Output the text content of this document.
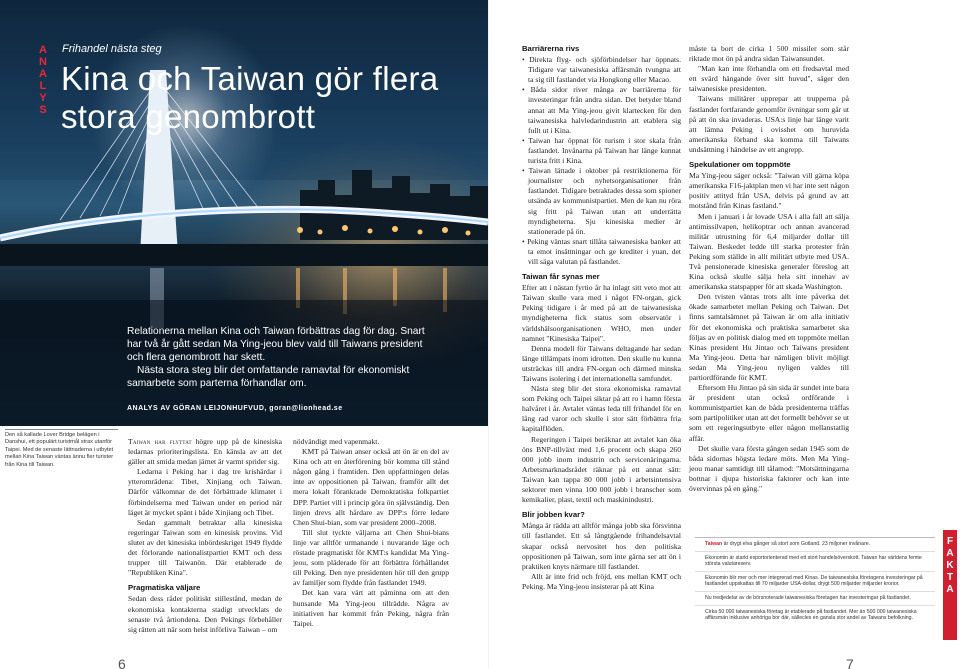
A
N
A
L
Y
S
Frihandel nästa steg
Kina och Taiwan gör flera stora genombrott
Relationerna mellan Kina och Taiwan förbättras dag för dag. Snart har två år gått sedan Ma Ying-jeou blev vald till Taiwans president och flera genombrott har skett.
Nästa stora steg blir det omfattande ramavtal för ekonomiskt samarbete som parterna förhandlar om.
ANALYS AV GÖRAN LEIJONHUFVUD, goran@lionhead.se
Den så kallade Lover Bridge belägen i Danshui, ett populärt turistmål strax utanför Taipei. Med de senaste lättnaderna i utbytet mellan Kina Taiwan väntas ännu fler turister från Kina till Taiwan.

Taiwan har flyttat högre upp på de kinesiska ledarnas prioriteringslista. En känsla av att det gäller att smida medan järnet är varmt sprider sig.

Ledarna i Peking har i dag tre krishärdar i ytteromrädena: Tibet, Xinjiang och Taiwan. Därför välkomnar de det förbättrade klimatet i förbindelserna med Taiwan under en period när läget är mycket spänt i både Xinjiang och Tibet.

Sedan gammalt betraktar alla kinesiska regeringar Taiwan som en kinesisk provins. Vid slutet av det kinesiska inbördeskriget 1949 flydde det förlorande nationalistpartiet KMT och dess trupper till Taiwanön. Där etablerade de "Republiken Kina".

Pragmatiska väljare

Sedan dess råder politiskt stillestånd, medan de ekonomiska kontakterna stadigt utvecklats de senaste två årtiondena. Den Pekings förbehåller sig rätten att när som helst införliva Taiwan – om

nödvändigt med vapenmakt.

KMT på Taiwan anser också att ön är en del av Kina och att en återförening bör komma till stånd någon gång i framtiden. Den uppfattningen delas inte av oppositionen på Taiwan, framför allt det mera lokalt förankrade Demokratiska folkpartiet DPP. Partiet vill i princip göra ön självständig. Den linjen drevs allt hårdare av DPP:s förre ledare Chen Shui-bian, som var president 2000–2008.

Till slut tyckte väljarna att Chen Shui-bians linje var alltför urmanande i nuvarande läge och röstade pragmatiskt för KMT:s kandidat Ma Ying-jeou, som pläderade för att förbättra förhållandet till Peking. Den nye presidenten hör till den grupp av familjer som flydde från fastlandet 1949.

Det kan vara värt att påminna om att den hunsande Ma Ying-jeou tillrädde. Några av initiativen har kommit från Peking, några från Taipei.

6
Barriärerna rivs
• Direkta flyg- och sjöförbindelser har öppnats. Tidigare var taiwanesiska affärsmän tvungna att ta sig till fastlandet via Hongkong eller Macao.
• Båda sidor river många av barriärerna för investeringar från andra sidan. Det betyder bland annat att Ma Ying-jeou givit klartecken för den taiwanesiska halvledarindustrin att etablera sig fullt ut i Kina.
• Taiwan har öppnat för turism i stor skala från fastlandet. Invånarna på Taiwan har länge kunnat turista fritt i Kina.
• Taiwan lättade i oktober på restriktionerna för journalister och nyhetsorganisationer från fastlandet. Tidigare betraktades dessa som spioner utsända av kommunistpartiet. Men de kan nu röra sig fritt på Taiwan utan att underrätta myndigheterna. Sju kinesiska medier är stationerade på ön.
• Peking väntas snart tillåta taiwanesiska banker att ta emot insättningar och ge krediter i yuan, det vill säga valutan på fastlandet.
Taiwan får synas mer

Efter att i nästan fyrtio år ha inlagt sitt veto mot att Taiwan skulle vara med i något FN-organ, gick Peking tidigare i år med på att de taiwanesiska myndigheterna fick status som observatör i världshälsoorganisationen WHO, men under namnet "Kinesiska Taipei".

Denna modell för Taiwans deltagande har sedan länge tillämpats inom idrotten. Den skulle nu kunna utsträckas till andra FN-organ och därmed minska Taiwans isolering i det internationella samfundet.

Nästa steg blir det stora ekonomiska ramavtal som Peking och Taipei siktar på att ro i hamn första halvåret i år. Avtalet väntas leda till frihandel för en lång rad varor och skulle i stor sätt förbättra fria kapitalflöden.

Regeringen i Taipei beräknar att avtalet kan öka öns BNP-tillväxt med 1,6 procent och skapa 260 000 jobb inom industrin och servicenäringarna. Arbetsmarknadsrådet räknar på ett annat sätt: Taiwan kan tappa 80 000 jobb i arbetsintensiva sektorer men vinna 100 000 jobb i branscher som kemikalier, plast, textil och maskinindustri.

Blir jobben kvar?

Många är rädda att alltför många jobb ska försvinna till fastlandet. Ett så långtgående frihandelsavtal skapar också nervositet hos den politiska oppositionen på Taiwan, som inte gärna ser att ön i praktiken knyts närmare till fastlandet.

Allt är inte frid och fröjd, ens mellan KMT och Peking. Ma Ying-jeou insisterar på att Kina

måste ta bort de cirka 1 500 missiler som står riktade mot ön på andra sidan Taiwansundet.

"Man kan inte förhandla om ett fredsavtal med ett svärd hängande över sitt huvud", säger den taiwanesiske presidenten.

Taiwans militärer upprepar att trupperna på fastlandet fortfarande genomför övningar som går ut på att ön ska invaderas. USA:s linje har länge varit att lämna Peking i ovisshet om huruvida amerikanska förband ska komma till Taiwans undsättning i händelse av ett angrepp.

Spekulationer om toppmöte

Ma Ying-jeou säger också: "Taiwan vill gärna köpa amerikanska F16-jaktplan men vi har inte sett någon positiv attityd från USA, delvis på grund av att motstånd från Kinas fastland."

Men i januari i år lovade USA i alla fall att sälja antimissilvapen, helikoptrar och annan avancerad militär utrustning för 6,4 miljarder dollar till Taiwan. Beskedet ledde till starka protester från Peking som ställde in allt militärt utbyte med USA. Två pensionerade kinesiska generaler föreslog att Kina också skulle sälja hela sitt innehav av amerikanska statspapper för att skada Washington.

Den tvisten väntas trots allt inte påverka det ökade samarbetet mellan Peking och Taiwan. Det finns samtalsämnet på Taiwan är om alla initiativ för det ekonomiska och praktiska samarbetet ska följas av en politisk dialog med ett toppmöte mellan Kinas president Hu Jintao och Taiwans president Ma Ying-jeou. Detta har nämligen blivit möjligt sedan Ma Ying-jeou nyligen valdes till partiordförande för KMT.

Eftersom Hu Jintao på sin sida är sundet inte bara är president utan också ordförande i kommunistpartiet kan de båda presidenterna träffas som partipolitiker utan att det formellt behöver se ut som ett regeringsutbyte eller någon mellanstatlig affär.

Det skulle vara första gången sedan 1945 som de båda sidornas högsta ledare möts. Men Ma Ying-jeou manar samtidigt till tålamod: "Motsättningarna bottnar i djupa historiska faktorer och kan inte övervinnas på en gång."

Taiwan är drygt elva gånger så stort som Gotland. 23 miljoner invånare.

Ekonomin är starkt exportorienterad med ett stort handelsöverskott. Taiwan har världens femte största valutareserv.

Ekonomin blir mer och mer integrerad med Kinas. De taiwanesiska företagens investeringar på fastlandet uppskattas till 70 miljarder USA-dollar, drygt 500 miljarder miljarder kronor.

Nu tredjedelar av de börsnoterade taiwanesiska företagen har investeringar på fastlandet.

Cirka 50 000 taiwanesiska företag är etablerade på fastlandet. Mer än 500 000 taiwanesiska affärsmän inklusive anhöriga bor där, sällecles en gansla stor andel av Taiwans befolkning.

F
A
K
T
A
7
